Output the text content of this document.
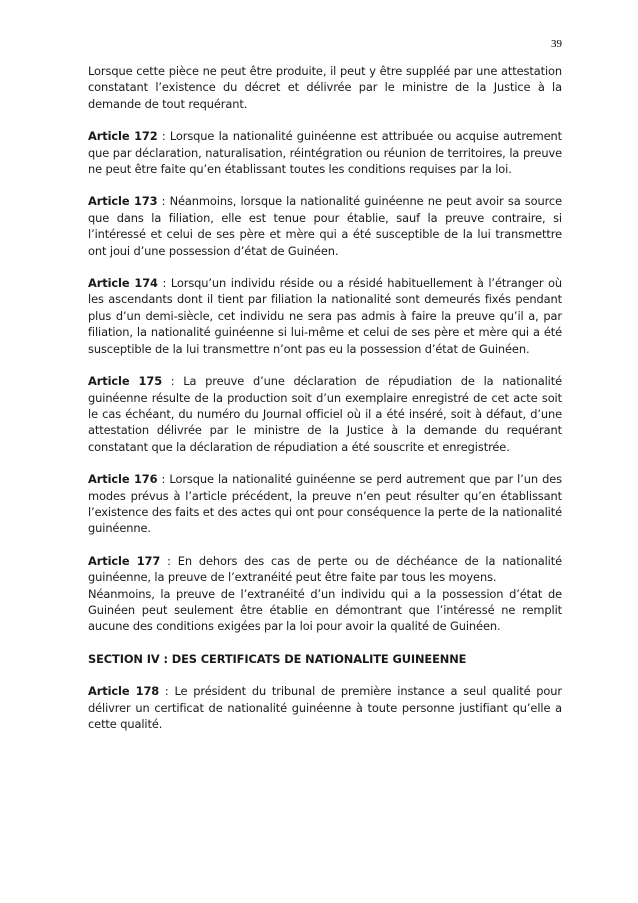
39

Lorsque cette pièce ne peut être produite, il peut y être suppléé par une attestation constatant l’existence du décret et délivrée par le ministre de la Justice à la demande de tout requérant.

Article 172 : Lorsque la nationalité guinéenne est attribuée ou acquise autrement que par déclaration, naturalisation, réintégration ou réunion de territoires, la preuve ne peut être faite qu’en établissant toutes les conditions requises par la loi.

Article 173 : Néanmoins, lorsque la nationalité guinéenne ne peut avoir sa source que dans la filiation, elle est tenue pour établie, sauf la preuve contraire, si l’intéressé et celui de ses père et mère qui a été susceptible de la lui transmettre ont joui d’une possession d’état de Guinéen.

Article 174 : Lorsqu’un individu réside ou a résidé habituellement à l’étranger où les ascendants dont il tient par filiation la nationalité sont demeurés fixés pendant plus d’un demi-siècle, cet individu ne sera pas admis à faire la preuve qu’il a, par filiation, la nationalité guinéenne si lui-même et celui de ses père et mère qui a été susceptible de la lui transmettre n’ont pas eu la possession d’état de Guinéen.

Article 175 : La preuve d’une déclaration de répudiation de la nationalité guinéenne résulte de la production soit d’un exemplaire enregistré de cet acte soit le cas échéant, du numéro du Journal officiel où il a été inséré, soit à défaut, d’une attestation délivrée par le ministre de la Justice à la demande du requérant constatant que la déclaration de répudiation a été souscrite et enregistrée.

Article 176 : Lorsque la nationalité guinéenne se perd autrement que par l’un des modes prévus à l’article précédent, la preuve n’en peut résulter qu’en établissant l’existence des faits et des actes qui ont pour conséquence la perte de la nationalité guinéenne.

Article 177 : En dehors des cas de perte ou de déchéance de la nationalité guinéenne, la preuve de l’extranéité peut être faite par tous les moyens.

Néanmoins, la preuve de l’extranéité d’un individu qui a la possession d’état de Guinéen peut seulement être établie en démontrant que l’intéressé ne remplit aucune des conditions exigées par la loi pour avoir la qualité de Guinéen.

SECTION IV : DES CERTIFICATS DE NATIONALITE GUINEENNE

Article 178 : Le président du tribunal de première instance a seul qualité pour délivrer un certificat de nationalité guinéenne à toute personne justifiant qu’elle a cette qualité.
